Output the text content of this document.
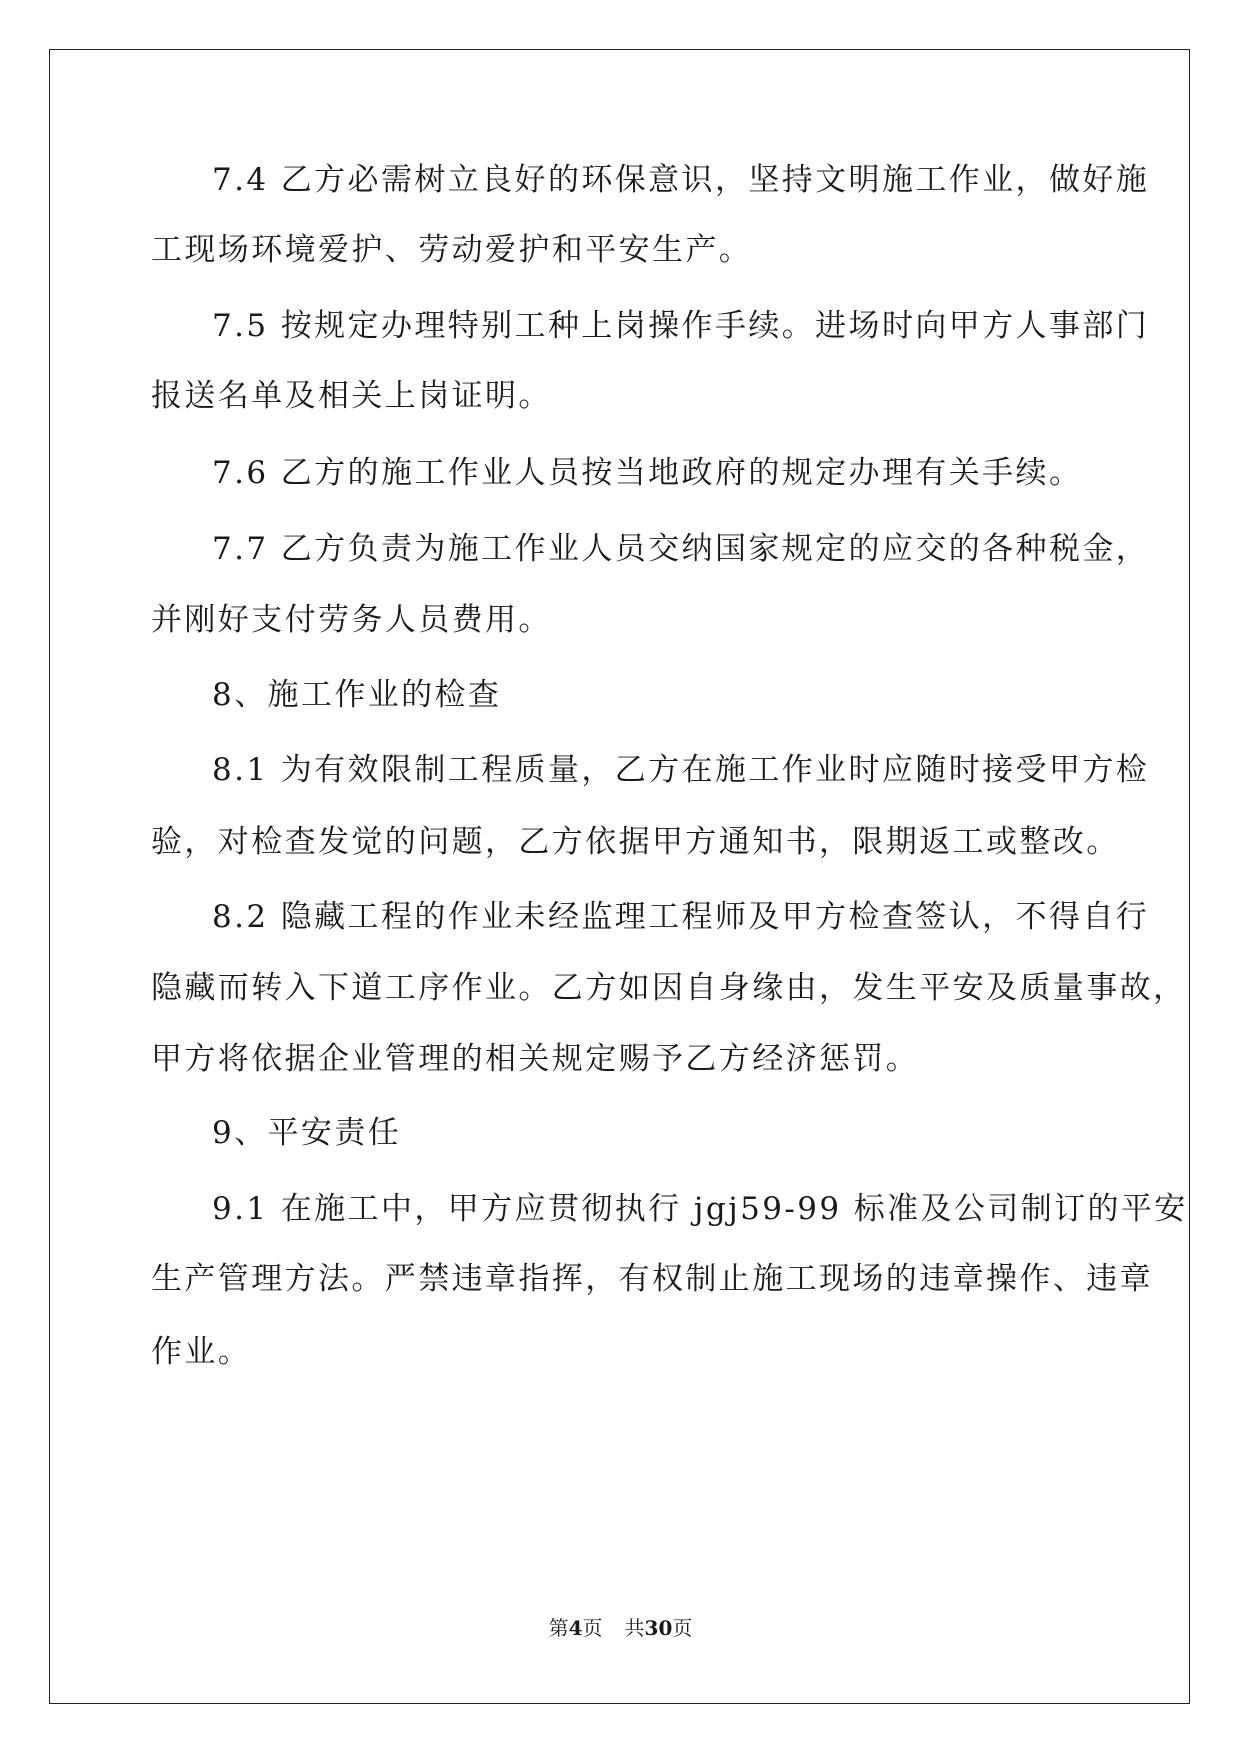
7.4 乙方必需树立良好的环保意识，坚持文明施工作业，做好施
工现场环境爱护、劳动爱护和平安生产。
7.5 按规定办理特别工种上岗操作手续。进场时向甲方人事部门
报送名单及相关上岗证明。
7.6 乙方的施工作业人员按当地政府的规定办理有关手续。
7.7 乙方负责为施工作业人员交纳国家规定的应交的各种税金，
并刚好支付劳务人员费用。
8、施工作业的检查
8.1 为有效限制工程质量，乙方在施工作业时应随时接受甲方检
验，对检查发觉的问题，乙方依据甲方通知书，限期返工或整改。
8.2 隐藏工程的作业未经监理工程师及甲方检查签认，不得自行
隐藏而转入下道工序作业。乙方如因自身缘由，发生平安及质量事故，
甲方将依据企业管理的相关规定赐予乙方经济惩罚。
9、平安责任
9.1 在施工中，甲方应贯彻执行 jgj59-99 标准及公司制订的平安
生产管理方法。严禁违章指挥，有权制止施工现场的违章操作、违章
作业。
第4页 共30页
